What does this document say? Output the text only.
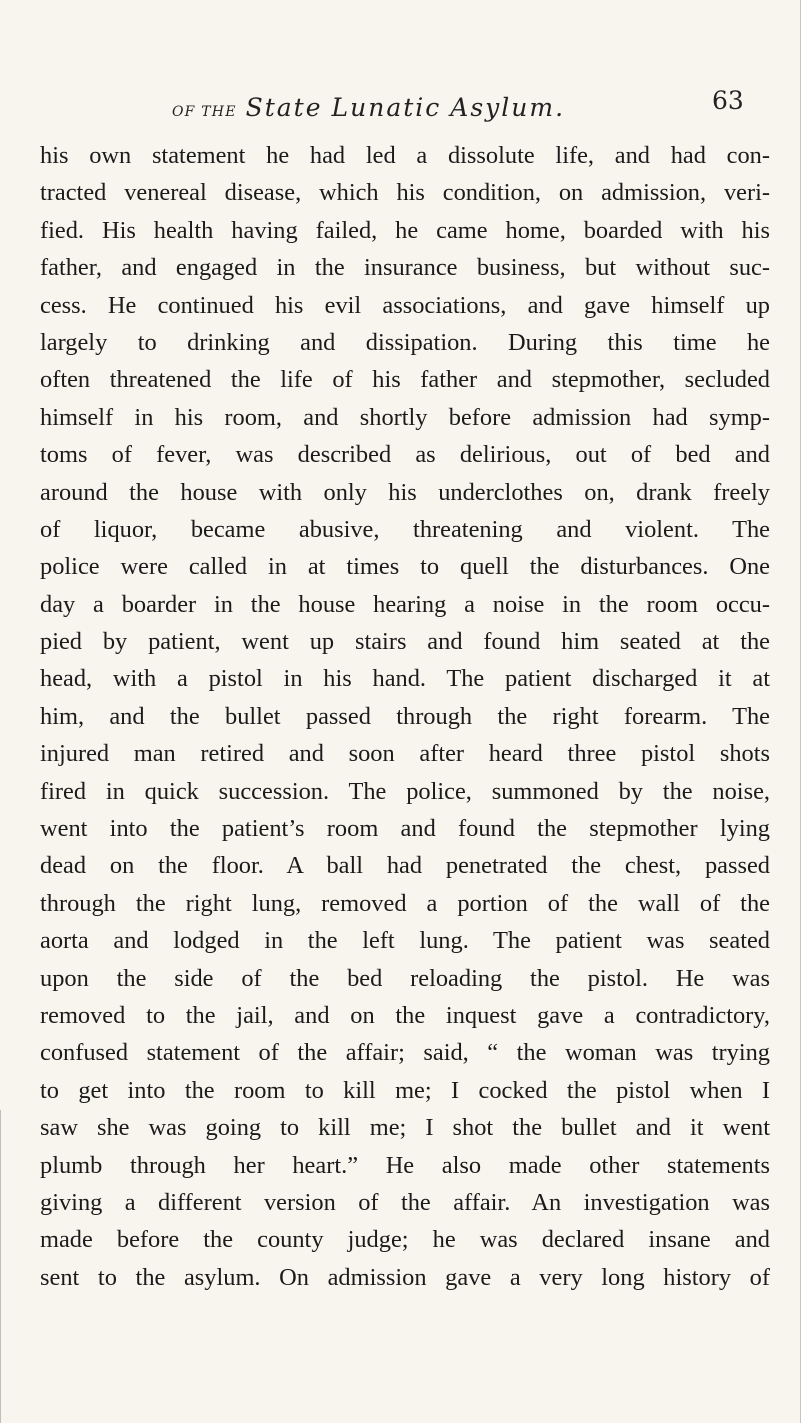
OF THE State Lunatic Asylum.	63
his own statement he had led a dissolute life, and had con-
tracted venereal disease, which his condition, on admission, veri-
fied. His health having failed, he came home, boarded with his
father, and engaged in the insurance business, but without suc-
cess. He continued his evil associations, and gave himself up
largely to drinking and dissipation. During this time he
often threatened the life of his father and stepmother, secluded
himself in his room, and shortly before admission had symp-
toms of fever, was described as delirious, out of bed and
around the house with only his underclothes on, drank freely
of liquor, became abusive, threatening and violent. The
police were called in at times to quell the disturbances. One
day a boarder in the house hearing a noise in the room occu-
pied by patient, went up stairs and found him seated at the
head, with a pistol in his hand. The patient discharged it at
him, and the bullet passed through the right forearm. The
injured man retired and soon after heard three pistol shots
fired in quick succession. The police, summoned by the noise,
went into the patient’s room and found the stepmother lying
dead on the floor. A ball had penetrated the chest, passed
through the right lung, removed a portion of the wall of the
aorta and lodged in the left lung. The patient was seated
upon the side of the bed reloading the pistol. He was
removed to the jail, and on the inquest gave a contradictory,
confused statement of the affair; said, “ the woman was trying
to get into the room to kill me; I cocked the pistol when I
saw she was going to kill me; I shot the bullet and it went
plumb through her heart.” He also made other statements
giving a different version of the affair. An investigation was
made before the county judge; he was declared insane and
sent to the asylum. On admission gave a very long history of
